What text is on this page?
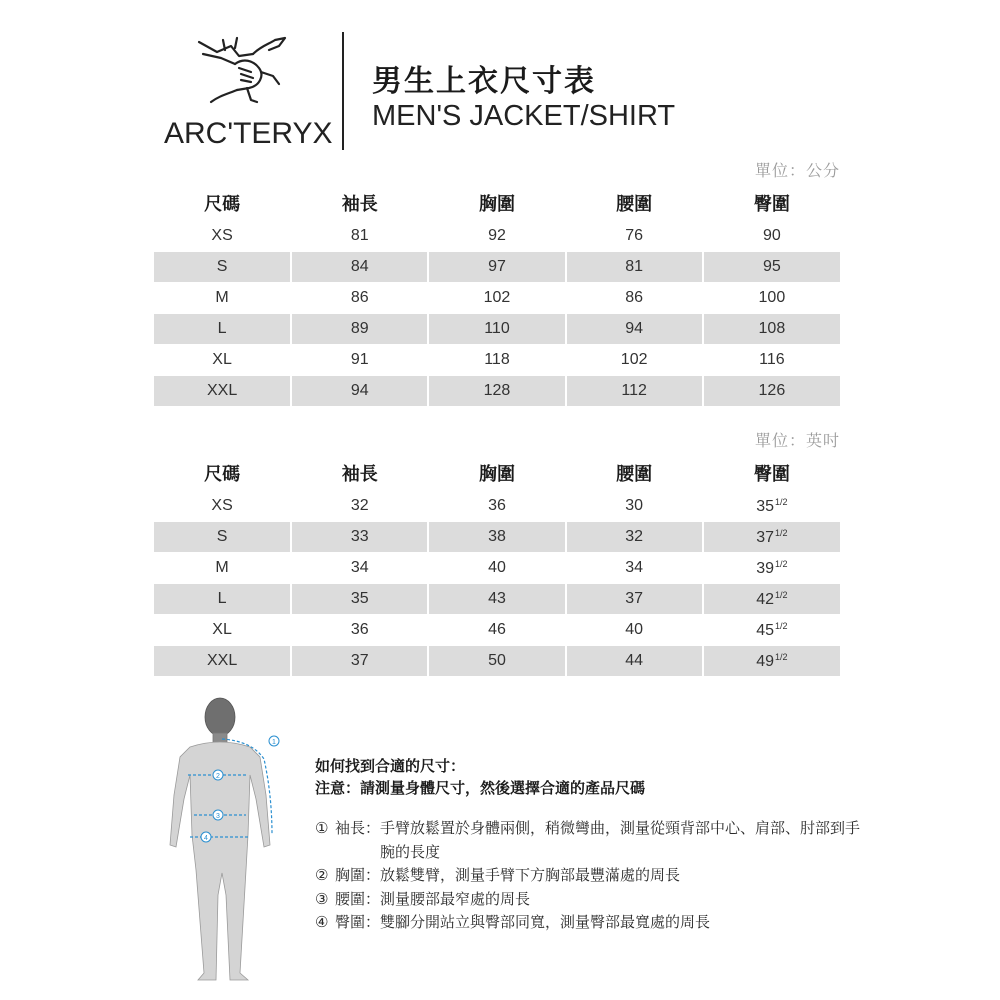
ARC'TERYX
男生上衣尺寸表
MEN'S JACKET/SHIRT
單位：公分
尺碼	袖長	胸圍	腰圍	臀圍
XS	81	92	76	90
S	84	97	81	95
M	86	102	86	100
L	89	110	94	108
XL	91	118	102	116
XXL	94	128	112	126
單位：英吋
尺碼	袖長	胸圍	腰圍	臀圍
XS	32	36	30	$35^{1/2}$
S	33	38	32	$37^{1/2}$
M	34	40	34	$39^{1/2}$
L	35	43	37	$42^{1/2}$
XL	36	46	40	$45^{1/2}$
XXL	37	50	44	$49^{1/2}$
1
2
3
4
如何找到合適的尺寸：
注意：請測量身體尺寸，然後選擇合適的產品尺碼
① 袖長： 手臂放鬆置於身體兩側，稍微彎曲，測量從頸背部中心、肩部、肘部到手腕的長度
② 胸圍： 放鬆雙臂，測量手臂下方胸部最豐滿處的周長
③ 腰圍： 測量腰部最窄處的周長
④ 臀圍： 雙腳分開站立與臀部同寬，測量臀部最寬處的周長
